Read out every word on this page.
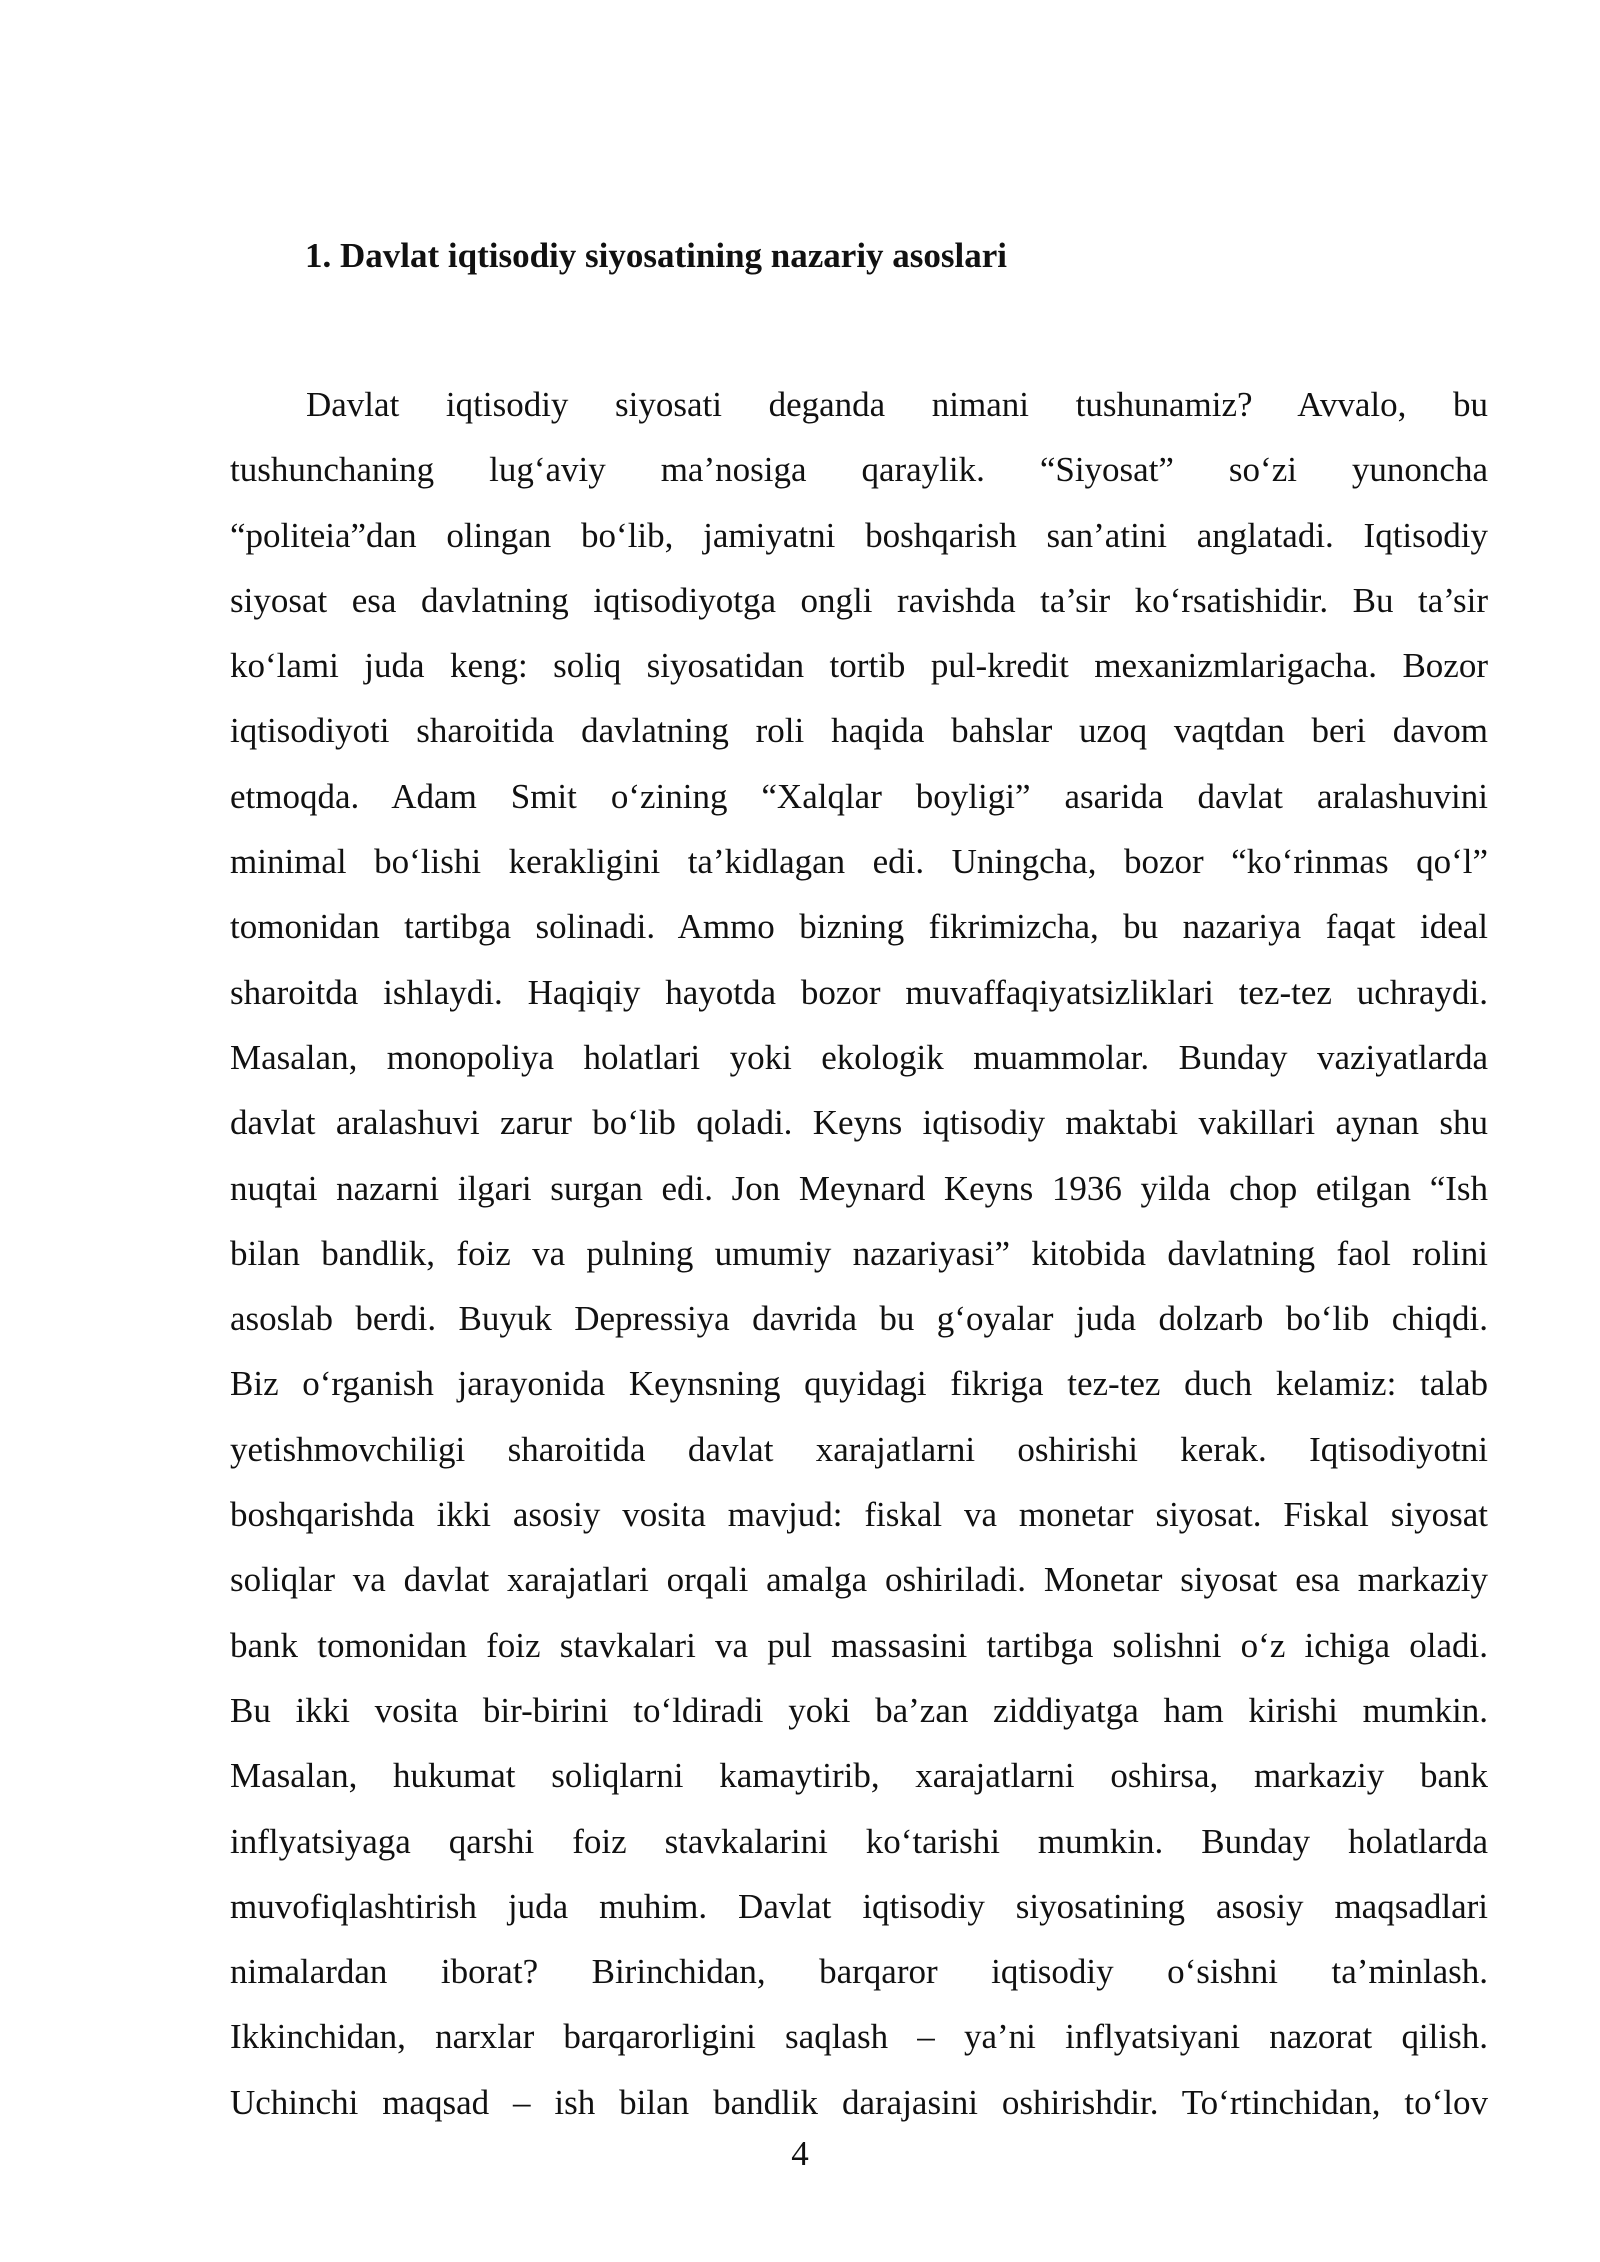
1. Davlat iqtisodiy siyosatining nazariy asoslari
Davlat iqtisodiy siyosati deganda nimani tushunamiz? Avvalo, bu
tushunchaning lug‘aviy ma’nosiga qaraylik. “Siyosat” so‘zi yunoncha
“politeia”dan olingan bo‘lib, jamiyatni boshqarish san’atini anglatadi. Iqtisodiy
siyosat esa davlatning iqtisodiyotga ongli ravishda ta’sir ko‘rsatishidir. Bu ta’sir
ko‘lami juda keng: soliq siyosatidan tortib pul-kredit mexanizmlarigacha. Bozor
iqtisodiyoti sharoitida davlatning roli haqida bahslar uzoq vaqtdan beri davom
etmoqda. Adam Smit o‘zining “Xalqlar boyligi” asarida davlat aralashuvini
minimal bo‘lishi kerakligini ta’kidlagan edi. Uningcha, bozor “ko‘rinmas qo‘l”
tomonidan tartibga solinadi. Ammo bizning fikrimizcha, bu nazariya faqat ideal
sharoitda ishlaydi. Haqiqiy hayotda bozor muvaffaqiyatsizliklari tez-tez uchraydi.
Masalan, monopoliya holatlari yoki ekologik muammolar. Bunday vaziyatlarda
davlat aralashuvi zarur bo‘lib qoladi. Keyns iqtisodiy maktabi vakillari aynan shu
nuqtai nazarni ilgari surgan edi. Jon Meynard Keyns 1936 yilda chop etilgan “Ish
bilan bandlik, foiz va pulning umumiy nazariyasi” kitobida davlatning faol rolini
asoslab berdi. Buyuk Depressiya davrida bu g‘oyalar juda dolzarb bo‘lib chiqdi.
Biz o‘rganish jarayonida Keynsning quyidagi fikriga tez-tez duch kelamiz: talab
yetishmovchiligi sharoitida davlat xarajatlarni oshirishi kerak. Iqtisodiyotni
boshqarishda ikki asosiy vosita mavjud: fiskal va monetar siyosat. Fiskal siyosat
soliqlar va davlat xarajatlari orqali amalga oshiriladi. Monetar siyosat esa markaziy
bank tomonidan foiz stavkalari va pul massasini tartibga solishni o‘z ichiga oladi.
Bu ikki vosita bir-birini to‘ldiradi yoki ba’zan ziddiyatga ham kirishi mumkin.
Masalan, hukumat soliqlarni kamaytirib, xarajatlarni oshirsa, markaziy bank
inflyatsiyaga qarshi foiz stavkalarini ko‘tarishi mumkin. Bunday holatlarda
muvofiqlashtirish juda muhim. Davlat iqtisodiy siyosatining asosiy maqsadlari
nimalardan iborat? Birinchidan, barqaror iqtisodiy o‘sishni ta’minlash.
Ikkinchidan, narxlar barqarorligini saqlash – ya’ni inflyatsiyani nazorat qilish.
Uchinchi maqsad – ish bilan bandlik darajasini oshirishdir. To‘rtinchidan, to‘lov
4
